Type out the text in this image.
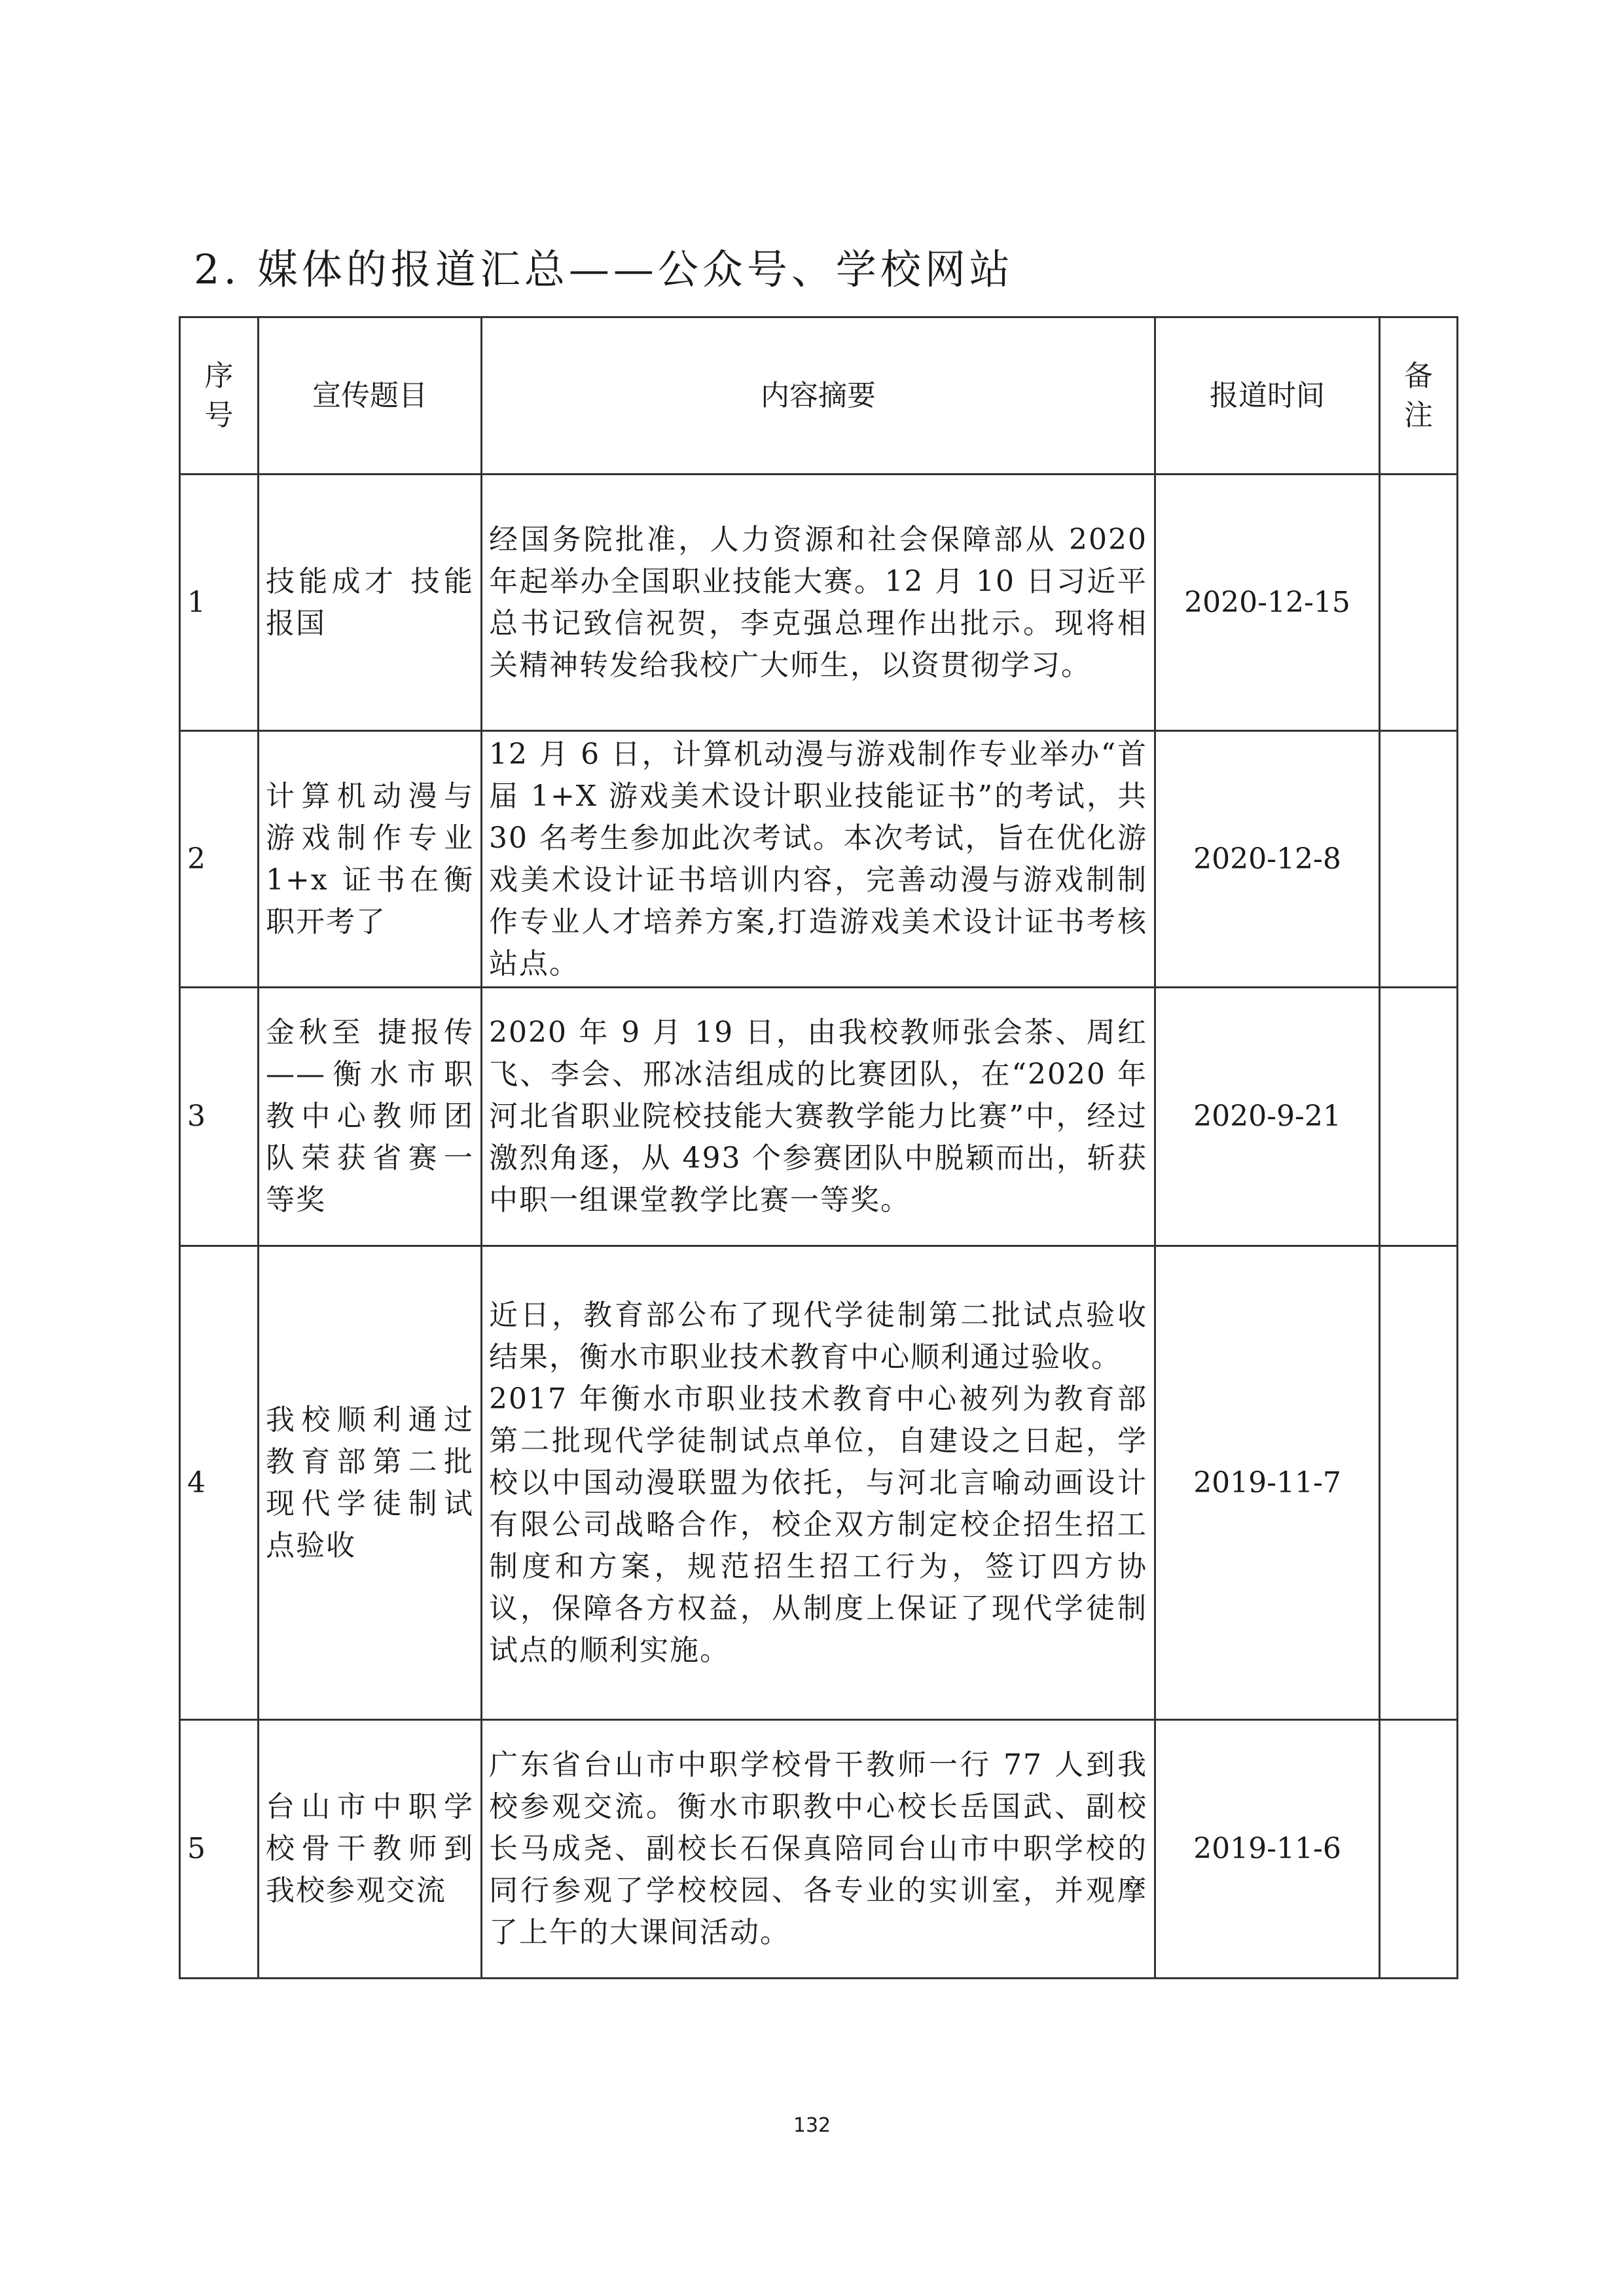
2. 媒体的报道汇总——公众号、学校网站
序号	宣传题目	内容摘要	报道时间	备注

1	技能成才 技能报国	经国务院批准，人力资源和社会保障部从 2020 年起举办全国职业技能大赛。12 月 10 日习近平总书记致信祝贺，李克强总理作出批示。现将相关精神转发给我校广大师生，以资贯彻学习。	2020-12-15	
2	计算机动漫与游戏制作专业 1+x 证书在衡职开考了	12 月 6 日，计算机动漫与游戏制作专业举办“首届 1+X 游戏美术设计职业技能证书”的考试，共 30 名考生参加此次考试。本次考试，旨在优化游戏美术设计证书培训内容，完善动漫与游戏制制作专业人才培养方案,打造游戏美术设计证书考核站点。	2020-12-8	
3	金秋至 捷报传 ——衡水市职教中心教师团队荣获省赛一等奖	2020 年 9 月 19 日，由我校教师张会茶、周红飞、李会、邢冰洁组成的比赛团队，在“2020 年河北省职业院校技能大赛教学能力比赛”中，经过激烈角逐，从 493 个参赛团队中脱颖而出，斩获中职一组课堂教学比赛一等奖。	2020-9-21	
4	我校顺利通过教育部第二批现代学徒制试点验收	近日，教育部公布了现代学徒制第二批试点验收结果，衡水市职业技术教育中心顺利通过验收。
2017 年衡水市职业技术教育中心被列为教育部第二批现代学徒制试点单位，自建设之日起，学校以中国动漫联盟为依托，与河北言喻动画设计有限公司战略合作，校企双方制定校企招生招工制度和方案，规范招生招工行为，签订四方协议，保障各方权益，从制度上保证了现代学徒制试点的顺利实施。	2019-11-7	
5	台山市中职学校骨干教师到我校参观交流	广东省台山市中职学校骨干教师一行 77 人到我校参观交流。衡水市职教中心校长岳国武、副校长马成尧、副校长石保真陪同台山市中职学校的同行参观了学校校园、各专业的实训室，并观摩了上午的大课间活动。	2019-11-6	
132
